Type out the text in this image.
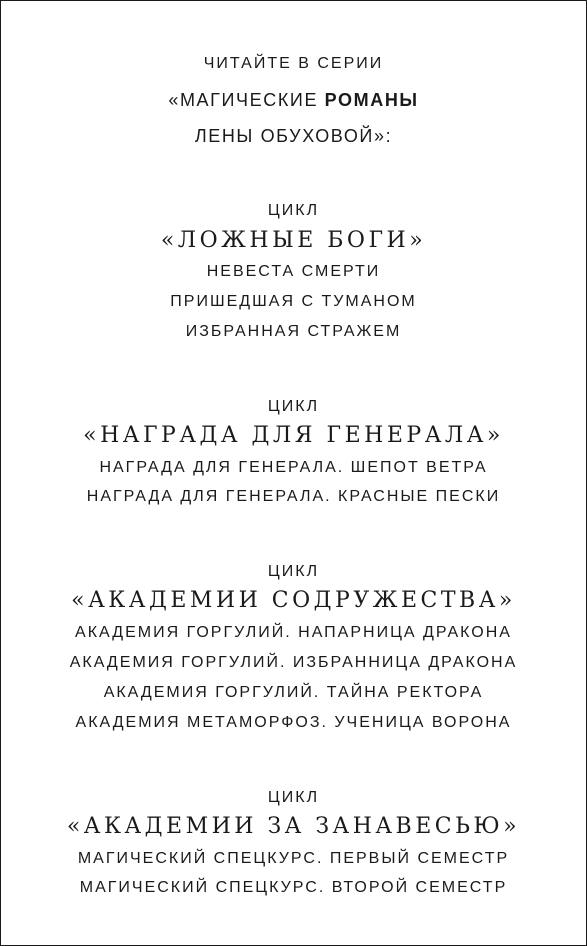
ЧИТАЙТЕ В СЕРИИ
«МАГИЧЕСКИЕ РОМАНЫ
ЛЕНЫ ОБУХОВОЙ»:
ЦИКЛ
«ЛОЖНЫЕ БОГИ»
НЕВЕСТА СМЕРТИ
ПРИШЕДШАЯ С ТУМАНОМ
ИЗБРАННАЯ СТРАЖЕМ
ЦИКЛ
«НАГРАДА ДЛЯ ГЕНЕРАЛА»
НАГРАДА ДЛЯ ГЕНЕРАЛА. ШЕПОТ ВЕТРА
НАГРАДА ДЛЯ ГЕНЕРАЛА. КРАСНЫЕ ПЕСКИ
ЦИКЛ
«АКАДЕМИИ СОДРУЖЕСТВА»
АКАДЕМИЯ ГОРГУЛИЙ. НАПАРНИЦА ДРАКОНА
АКАДЕМИЯ ГОРГУЛИЙ. ИЗБРАННИЦА ДРАКОНА
АКАДЕМИЯ ГОРГУЛИЙ. ТАЙНА РЕКТОРА
АКАДЕМИЯ МЕТАМОРФОЗ. УЧЕНИЦА ВОРОНА
ЦИКЛ
«АКАДЕМИИ ЗА ЗАНАВЕСЬЮ»
МАГИЧЕСКИЙ СПЕЦКУРС. ПЕРВЫЙ СЕМЕСТР
МАГИЧЕСКИЙ СПЕЦКУРС. ВТОРОЙ СЕМЕСТР
